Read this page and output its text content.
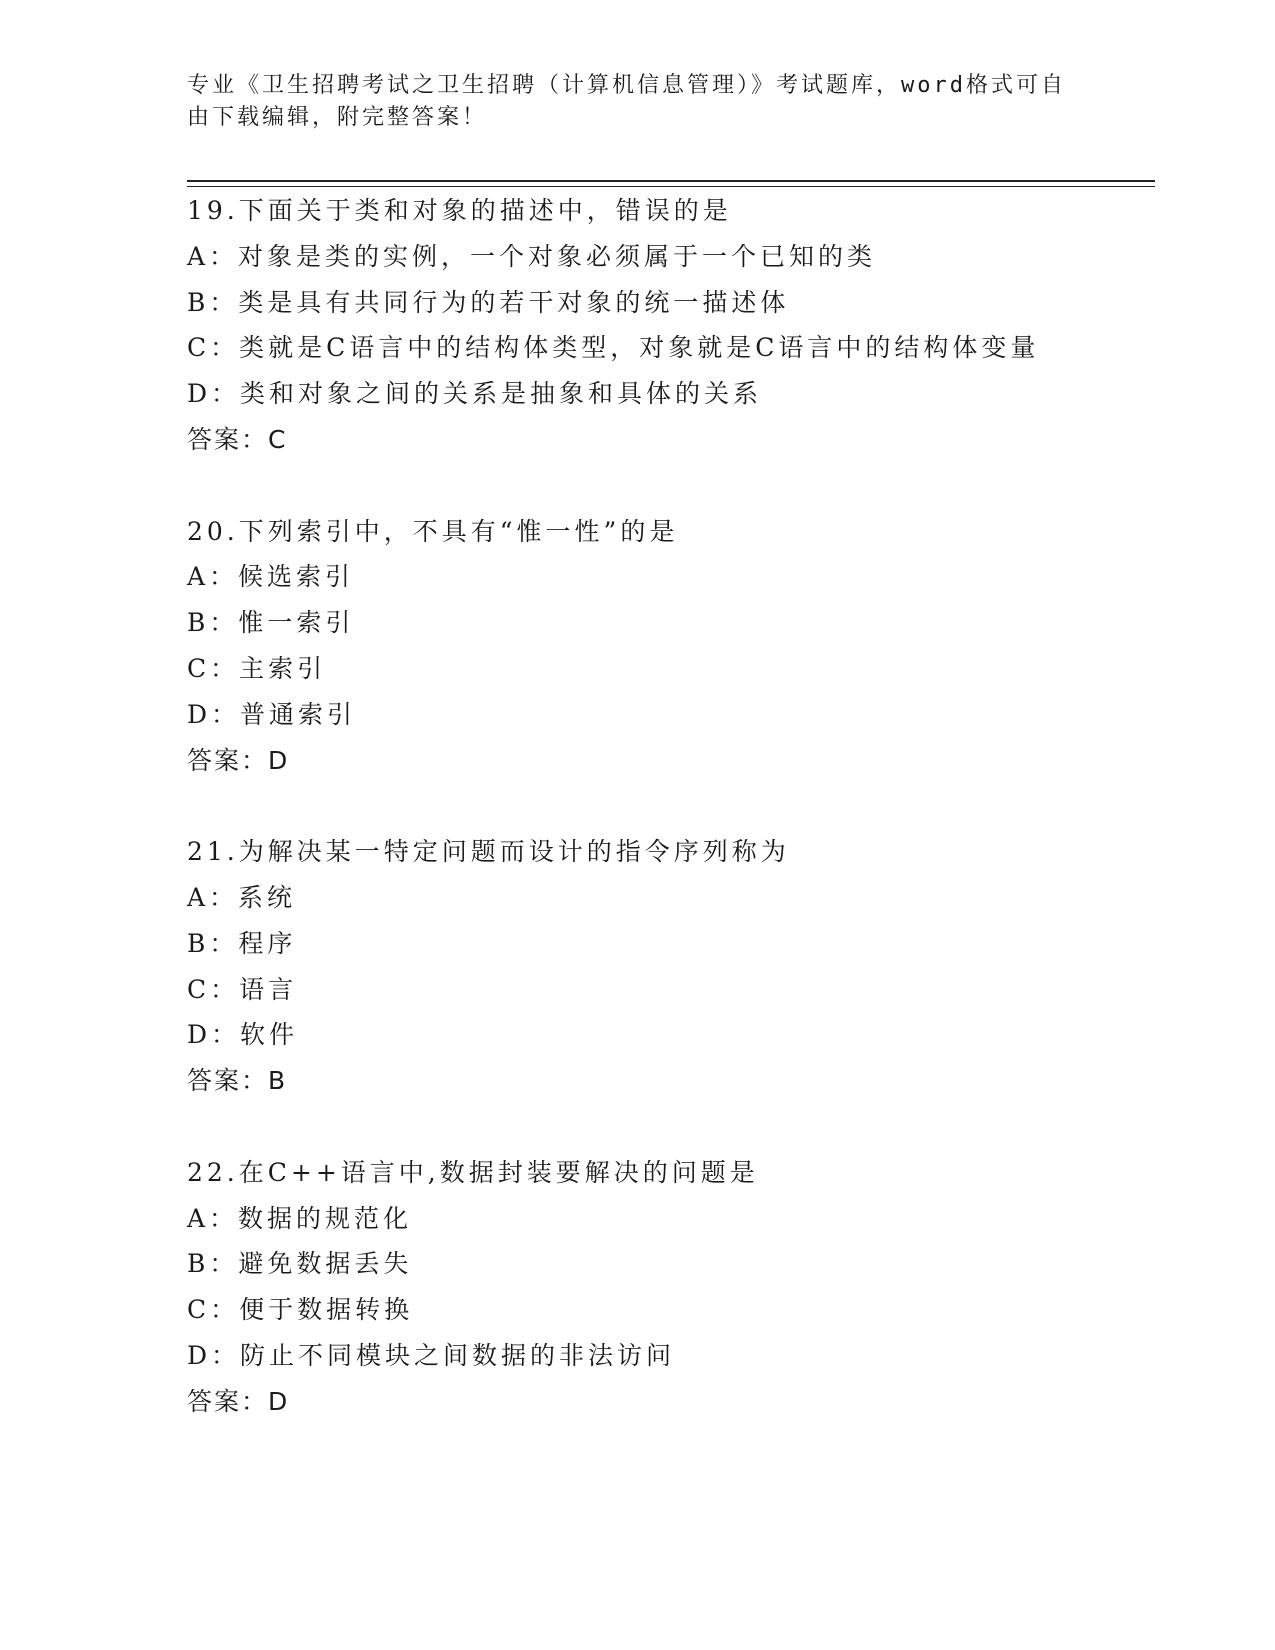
专业《卫生招聘考试之卫生招聘（计算机信息管理）》考试题库，word格式可自由下载编辑，附完整答案！
19.下面关于类和对象的描述中，错误的是
A：对象是类的实例，一个对象必须属于一个已知的类
B：类是具有共同行为的若干对象的统一描述体
C：类就是C语言中的结构体类型，对象就是C语言中的结构体变量
D：类和对象之间的关系是抽象和具体的关系
答案：C
20.下列索引中，不具有“惟一性”的是
A：候选索引
B：惟一索引
C：主索引
D：普通索引
答案：D
21.为解决某一特定问题而设计的指令序列称为
A：系统
B：程序
C：语言
D：软件
答案：B
22.在C++语言中,数据封装要解决的问题是
A：数据的规范化
B：避免数据丢失
C：便于数据转换
D：防止不同模块之间数据的非法访问
答案：D
